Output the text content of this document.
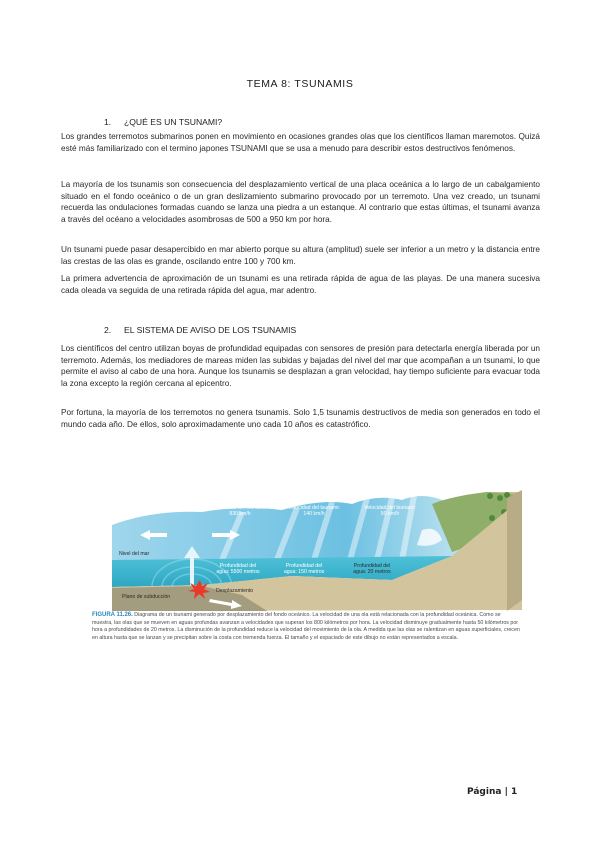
TEMA 8: TSUNAMIS
1. ¿QUÉ ES UN TSUNAMI?
Los grandes terremotos submarinos ponen en movimiento en ocasiones grandes olas que los científicos llaman maremotos. Quizá esté más familiarizado con el termino japones TSUNAMI que se usa a menudo para describir estos destructivos fenómenos.
La mayoría de los tsunamis son consecuencia del desplazamiento vertical de una placa oceánica a lo largo de un cabalgamiento situado en el fondo oceánico o de un gran deslizamiento submarino provocado por un terremoto. Una vez creado, un tsunami recuerda las ondulaciones formadas cuando se lanza una piedra a un estanque. Al contrario que estas últimas, el tsunami avanza a través del océano a velocidades asombrosas de 500 a 950 km por hora.
Un tsunami puede pasar desapercibido en mar abierto porque su altura (amplitud) suele ser inferior a un metro y la distancia entre las crestas de las olas es grande, oscilando entre 100 y 700 km.
La primera advertencia de aproximación de un tsunami es una retirada rápida de agua de las playas. De una manera sucesiva cada oleada va seguida de una retirada rápida del agua, mar adentro.
2. EL SISTEMA DE AVISO DE LOS TSUNAMIS
Los científicos del centro utilizan boyas de profundidad equipadas con sensores de presión para detectarla energía liberada por un terremoto. Además, los mediadores de mareas miden las subidas y bajadas del nivel del mar que acompañan a un tsunami, lo que permite el aviso al cabo de una hora. Aunque los tsunamis se desplazan a gran velocidad, hay tiempo suficiente para evacuar toda la zona excepto la región cercana al epicentro.
Por fortuna, la mayoría de los terremotos no genera tsunamis. Solo 1,5 tsunamis destructivos de media son generados en todo el mundo cada año. De ellos, solo aproximadamente uno cada 10 años es catastrófico.
Velocidad del tsunami: 830 km/h
Velocidad del tsunami: 140 km/h
Velocidad del tsunami: 50 km/h
Nivel del mar
Profundidad del agua: 5500 metros
Profundidad del agua: 150 metros
Profundidad del agua: 20 metros
Plano de subducción
Desplazamiento
FIGURA 11.26. Diagrama de un tsunami generado por desplazamiento del fondo oceánico. La velocidad de una ola está relacionada con la profundidad oceánica. Como se muestra, las olas que se mueven en aguas profundas avanzan a velocidades que superan los 800 kilómetros por hora. La velocidad disminuye gradualmente hasta 50 kilómetros por hora a profundidades de 20 metros. La disminución de la profundidad reduce la velocidad del movimiento de la ola. A medida que las olas se ralentizan en aguas superficiales, crecen en altura hasta que se lanzan y se precipitan sobre la costa con tremenda fuerza. El tamaño y el espaciado de este dibujo no están representados a escala.
Página | 1
